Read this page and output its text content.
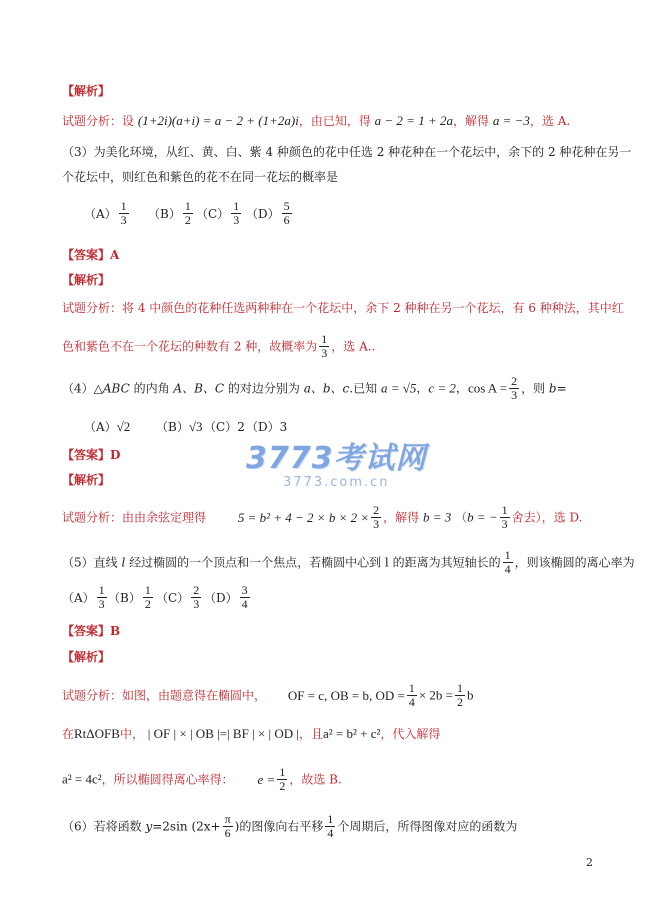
【解析】
试题分析：设 (1+2i)(a+i) = a − 2 + (1+2a)i，由已知，得 a − 2 = 1 + 2a，解得 a = −3，选 A.
（3）为美化环境，从红、黄、白、紫 4 种颜色的花中任选 2 种花种在一个花坛中，余下的 2 种花种在另一
个花坛中，则红色和紫色的花不在同一花坛的概率是
$(A) \frac{1}{3} (B) \frac{1}{2} (C) \frac{1}{3} (D) \frac{5}{6}$
【答案】A
【解析】
试题分析：将 4 中颜色的花种任选两种种在一个花坛中，余下 2 种种在另一个花坛，有 6 种种法，其中红
色和紫色不在一个花坛的种数有 2 种，故概率为 $\frac{1}{3}$ ，选 A..
（4）△ABC 的内角 A、B、C 的对边分别为 a、b、c.已知 a = √5，c = 2，$\cos A = \frac{2}{3}$ ，则 b=
（A）√2 （B）√3 （C）2 （D）3
【答案】D
【解析】
试题分析：由由余弦定理得 $5 = b^2 + 4 - 2 \times b \times 2 \times \frac{2}{3}$ ，解得 b = 3 （b = − $\frac{1}{3}$ 舍去），选 D.
3773考试网
3773.com.cn
（5）直线 l 经过椭圆的一个顶点和一个焦点，若椭圆中心到 l 的距离为其短轴长的 $\frac{1}{4}$ ，则该椭圆的离心率为
$(A) \frac{1}{3} (B) \frac{1}{2} (C) \frac{2}{3} (D) \frac{3}{4}$
【答案】B
【解析】
试题分析：如图，由题意得在椭圆中， OF = c, OB = b, OD = $\frac{1}{4} \times 2b = \frac{1}{2}$ b
在RtΔOFB中， | OF | × | OB |=| BF | × | OD |，且a² = b² + c²，代入解得
a² = 4c²，所以椭圆得离心率得： $e = \frac{1}{2}$ ，故选 B.
（6）若将函数 y=2sin ($2x+ \frac{\pi}{6}$ )的图像向右平移 $\frac{1}{4}$ 个周期后，所得图像对应的函数为
2
